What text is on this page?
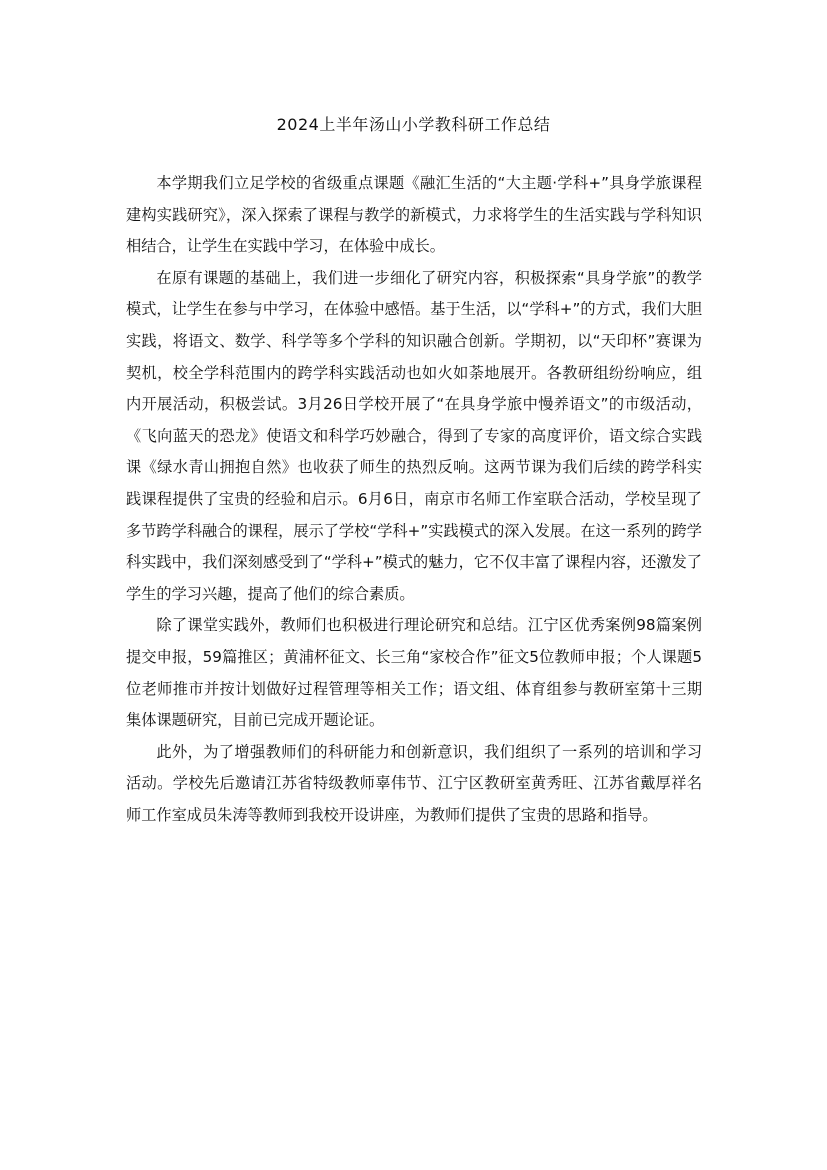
2024上半年汤山小学教科研工作总结

本学期我们立足学校的省级重点课题《融汇生活的“大主题·学科+”具身学旅课程建构实践研究》，深入探索了课程与教学的新模式，力求将学生的生活实践与学科知识相结合，让学生在实践中学习，在体验中成长。

在原有课题的基础上，我们进一步细化了研究内容，积极探索“具身学旅”的教学模式，让学生在参与中学习，在体验中感悟。基于生活，以“学科+”的方式，我们大胆实践，将语文、数学、科学等多个学科的知识融合创新。学期初，以“天印杯”赛课为契机，校全学科范围内的跨学科实践活动也如火如荼地展开。各教研组纷纷响应，组内开展活动，积极尝试。3月26日学校开展了“在具身学旅中慢养语文”的市级活动，《飞向蓝天的恐龙》使语文和科学巧妙融合，得到了专家的高度评价，语文综合实践课《绿水青山拥抱自然》也收获了师生的热烈反响。这两节课为我们后续的跨学科实践课程提供了宝贵的经验和启示。6月6日，南京市名师工作室联合活动，学校呈现了多节跨学科融合的课程，展示了学校“学科+”实践模式的深入发展。在这一系列的跨学科实践中，我们深刻感受到了“学科+”模式的魅力，它不仅丰富了课程内容，还激发了学生的学习兴趣，提高了他们的综合素质。

除了课堂实践外，教师们也积极进行理论研究和总结。江宁区优秀案例98篇案例提交申报，59篇推区；黄浦杯征文、长三角“家校合作”征文5位教师申报；个人课题5位老师推市并按计划做好过程管理等相关工作；语文组、体育组参与教研室第十三期集体课题研究，目前已完成开题论证。

此外，为了增强教师们的科研能力和创新意识，我们组织了一系列的培训和学习活动。学校先后邀请江苏省特级教师辜伟节、江宁区教研室黄秀旺、江苏省戴厚祥名师工作室成员朱涛等教师到我校开设讲座，为教师们提供了宝贵的思路和指导。
